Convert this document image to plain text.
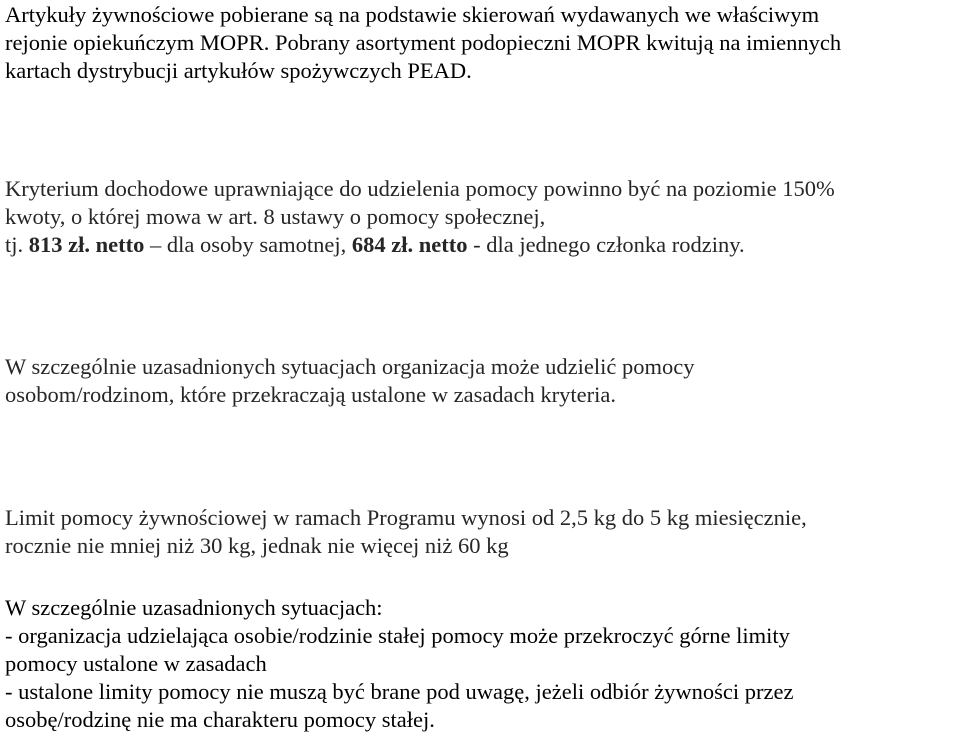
Artykuły żywnościowe pobierane są na podstawie skierowań wydawanych we właściwym
rejonie opiekuńczym MOPR. Pobrany asortyment podopieczni MOPR kwitują na imiennych
kartach dystrybucji artykułów spożywczych PEAD.

Kryterium dochodowe uprawniające do udzielenia pomocy powinno być na poziomie 150%
kwoty, o której mowa w art. 8 ustawy o pomocy społecznej,
tj. 813 zł. netto – dla osoby samotnej, 684 zł. netto - dla jednego członka rodziny.

W szczególnie uzasadnionych sytuacjach organizacja może udzielić pomocy
osobom/rodzinom, które przekraczają ustalone w zasadach kryteria.

Limit pomocy żywnościowej w ramach Programu wynosi od 2,5 kg do 5 kg miesięcznie,
rocznie nie mniej niż 30 kg, jednak nie więcej niż 60 kg

W szczególnie uzasadnionych sytuacjach:
- organizacja udzielająca osobie/rodzinie stałej pomocy może przekroczyć górne limity
pomocy ustalone w zasadach
- ustalone limity pomocy nie muszą być brane pod uwagę, jeżeli odbiór żywności przez
osobę/rodzinę nie ma charakteru pomocy stałej.
